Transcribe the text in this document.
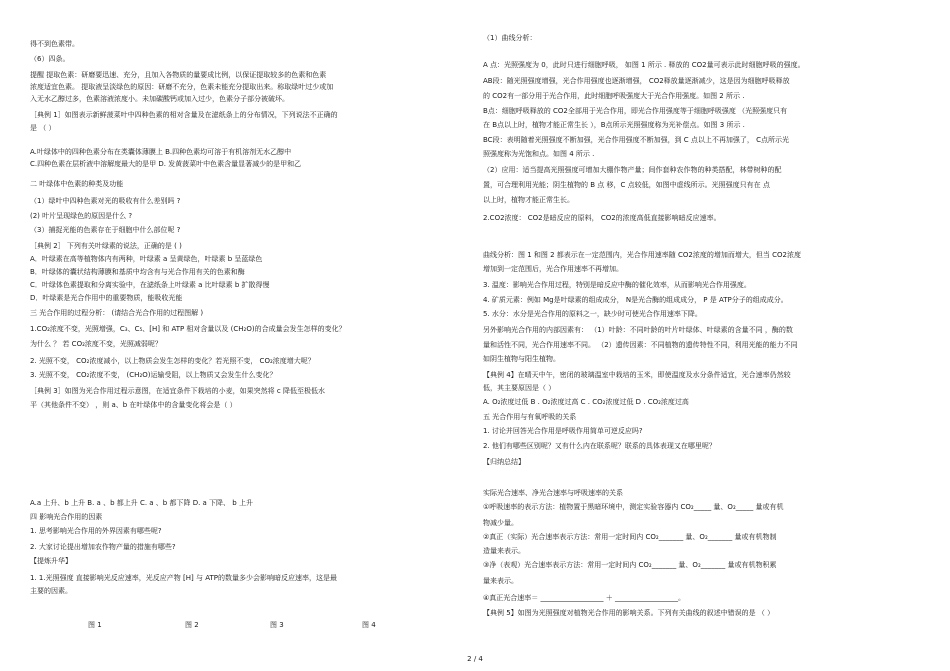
得不到色素带。
（6）四条。
提醒 提取色素：研磨要迅速、充分，且加入各物质的量要成比例，以保证提取较多的色素和色素
浓度适宜色素。 提取液呈淡绿色的原因：研磨不充分，色素未能充分提取出来。称取绿叶过少或加
入无水乙醇过多，色素溶液浓度小。未加碳酸钙或加入过少，色素分子部分被破坏。
［典例 1］如图表示新鲜菠菜叶中四种色素的相对含量及在滤纸条上的分布情况，下列说法不正确的
是 （ ）
A.叶绿体中的四种色素分布在类囊体薄膜上 B.四种色素均可溶于有机溶剂无水乙醇中
C.四种色素在层析液中溶解度最大的是甲 D. 发黄菠菜叶中色素含量显著减少的是甲和乙
二 叶绿体中色素的种类及功能
（1）绿叶中四种色素对光的吸收有什么差别吗 ?
(2) 叶片呈现绿色的原因是什么 ?
（3）捕捉光能的色素存在于细胞中什么部位呢 ?
［典例 2］ 下列有关叶绿素的说法，正确的是 ( )
A．叶绿素在高等植物体内有两种，叶绿素 a 呈黄绿色，叶绿素 b 呈蓝绿色
B．叶绿体的囊状结构薄膜和基质中均含有与光合作用有关的色素和酶
C．叶绿体色素提取和分离实验中，在滤纸条上叶绿素 a 比叶绿素 b 扩散得慢
D．叶绿素是光合作用中的重要物质，能吸收光能
三 光合作用的过程分析： (请结合光合作用的过程图解 )
1.CO₂浓度不变，光照增强，C₃、C₅、[H] 和 ATP 相对含量以及 (CH₂O)的合成量会发生怎样的变化？
为什么 ？ 若 CO₂浓度不变，光照减弱呢？
2. 光照不变， CO₂浓度减小，以上物质会发生怎样的变化？若光照不变， CO₂浓度增大呢？
3. 光照不变， CO₂浓度不变， (CH₂O)运输受阻，以上物质又会发生什么变化？
［典例 3］如图为光合作用过程示意图，在适宜条件下栽培的小麦，如果突然将 c 降低至极低水
平（其他条件不变） ，则 a、b 在叶绿体中的含量变化将会是（ ）
A.a 上升、b 上升 B. a 、b 都上升 C. a 、b 都下降 D. a 下降、 b 上升
四 影响光合作用的因素
1. 思考影响光合作用的外界因素有哪些呢?
2. 大家讨论提出增加农作物产量的措施有哪些?
【提炼升华】
1. 1.光照强度 直接影响光反应速率，光反应产物 [H] 与 ATP的数量多少会影响暗反应速率，这是最
主要的因素。
（1）曲线分析：
A 点：光照强度为 0，此时只进行细胞呼吸， 如图 1 所示 . 释放的 CO2量可表示此时细胞呼吸的强度。
AB段：随光照强度增强，光合作用强度也逐渐增强， CO2释放量逐渐减少，这是因为细胞呼吸释放
的 CO2有一部分用于光合作用，此时细胞呼吸强度大于光合作用强度。如图 2 所示 .
B点：细胞呼吸释放的 CO2全部用于光合作用，即光合作用强度等于细胞呼吸强度 （光照强度只有
在 B点以上时，植物才能正常生长 ），B点所示光照强度称为光补偿点。如图 3 所示 .
BC段：表明随着光照强度不断加强，光合作用强度不断加强，到 C 点以上不再加强了， C点所示光
照强度称为光饱和点。如图 4 所示 .
（2）应用：适当提高光照强度可增加大棚作物产量；间作套种农作物的种类搭配，林带树种的配
置，可合理利用光能；阴生植物的 B 点 移，C 点较低，如图中虚线所示。光照强度只有在 点
以上时，植物才能正常生长。
2.CO2浓度： CO2是暗反应的原料， CO2的浓度高低直接影响暗反应速率。
曲线分析：图 1 和图 2 都表示在一定范围内，光合作用速率随 CO2浓度的增加而增大，但当 CO2浓度
增加到一定范围后，光合作用速率不再增加。
3. 温度：影响光合作用过程，特别是暗反应中酶的催化效率，从而影响光合作用强度。
4. 矿质元素：例如 Mg是叶绿素的组成成分， N是光合酶的组成成分， P 是 ATP分子的组成成分。
5. 水分：水分是光合作用的原料之一，缺少时可使光合作用速率下降。
另外影响光合作用的内部因素有： （1）叶龄：不同叶龄的叶片叶绿体、叶绿素的含量不同 ，酶的数
量和活性不同，光合作用速率不同。 （2）遗传因素：不同植物的遗传特性不同，利用光能的能力不同
如阴生植物与阳生植物。
【典例 4】在晴天中午，密闭的玻璃温室中栽培的玉米，即使温度及水分条件适宜，光合速率仍然较
低，其主要原因是（ ）
A. O₂浓度过低 B . O₂浓度过高 C . CO₂浓度过低 D . CO₂浓度过高
五 光合作用与有氧呼吸的关系
1. 讨论并回答光合作用是呼吸作用简单可逆反应吗?
2. 他们有哪些区别呢？又有什么内在联系呢？联系的具体表现又在哪里呢？
【归纳总结】
实际光合速率、净光合速率与呼吸速率的关系
①呼吸速率的表示方法：植物置于黑暗环境中，测定实验容器内 CO₂_____ 量、O₂_____ 量或有机
物减少量。
②真正（实际）光合速率表示方法：常用一定时间内 CO₂_______ 量、O₂_______ 量或有机物制
造量来表示。
③净（表观）光合速率表示方法：常用一定时间内 CO₂_______ 量、O₂_______ 量或有机物积累
量来表示。
④真正光合速率＝ __________________ ＋ __________________。
【典例 5】如图为光照强度对植物光合作用的影响关系。下列有关曲线的叙述中错误的是 （ ）
图 1	图 2	图 3	图 4
2 / 4
